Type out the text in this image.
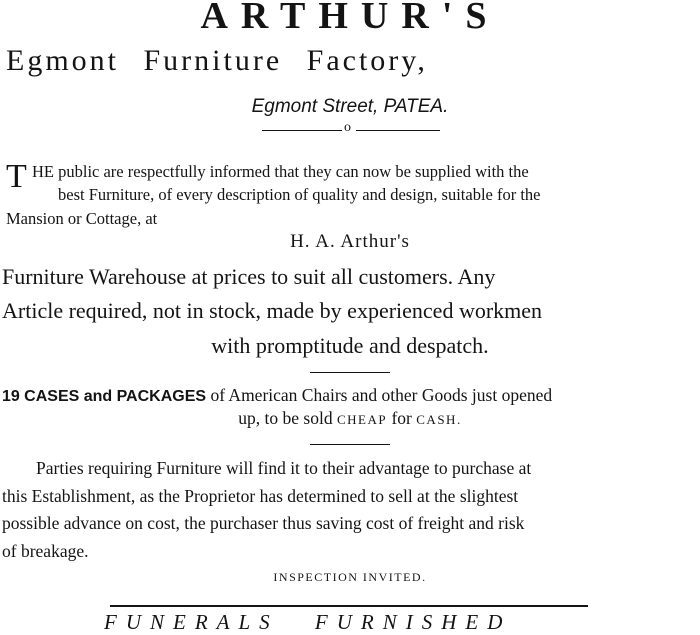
ARTHUR'S
Egmont Furniture Factory,
Egmont Street, PATEA.
o
T HE public are respectfully informed that they can now be supplied with the
best Furniture, of every description of quality and design, suitable for the
Mansion or Cottage, at
H. A. Arthur's
Furniture Warehouse at prices to suit all customers. Any
Article required, not in stock, made by experienced workmen
with promptitude and despatch.
19 CASES and PACKAGES of American Chairs and other Goods just opened
up, to be sold CHEAP for CASH.
Parties requiring Furniture will find it to their advantage to purchase at
this Establishment, as the Proprietor has determined to sell at the slightest
possible advance on cost, the purchaser thus saving cost of freight and risk
of breakage.
INSPECTION INVITED.
FUNERALS FURNISHED
